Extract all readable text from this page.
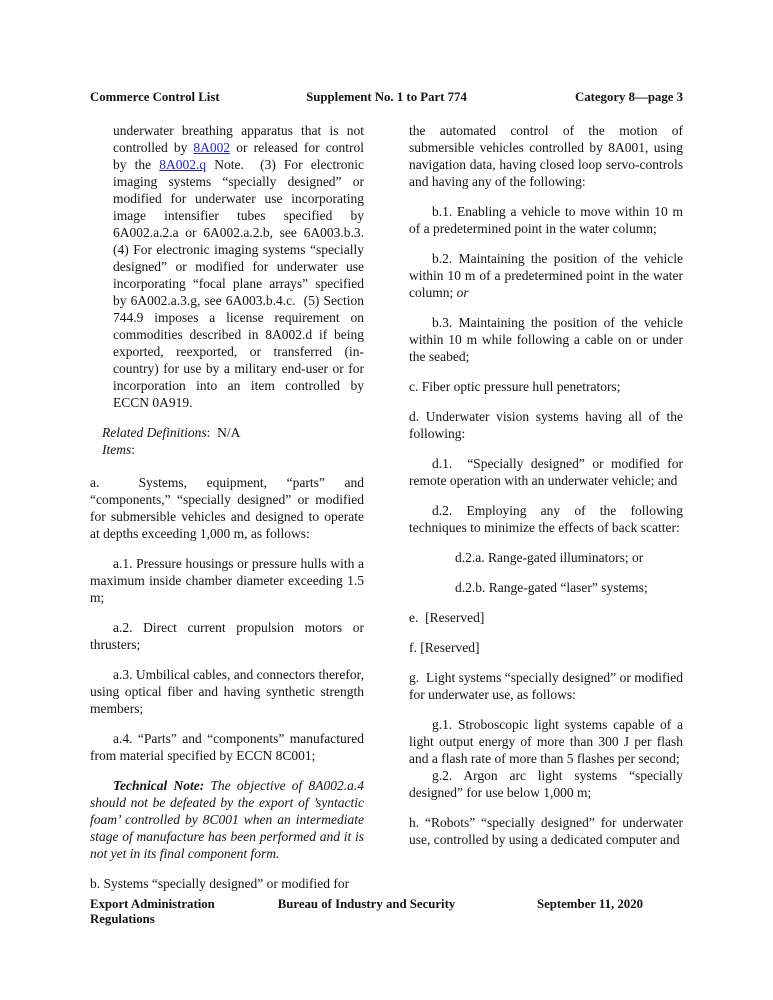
Commerce Control List	Supplement No. 1 to Part 774	Category 8—page 3

underwater breathing apparatus that is not controlled by 8A002 or released for control by the 8A002.q Note.  (3) For electronic imaging systems “specially designed” or modified for underwater use incorporating image intensifier tubes specified by 6A002.a.2.a or 6A002.a.2.b, see 6A003.b.3. (4) For electronic imaging systems “specially designed” or modified for underwater use incorporating “focal plane arrays” specified by 6A002.a.3.g, see 6A003.b.4.c.  (5) Section 744.9 imposes a license requirement on commodities described in 8A002.d if being exported, reexported, or transferred (in-country) for use by a military end-user or for incorporation into an item controlled by ECCN 0A919.

Related Definitions:  N/A

Items:

a.  Systems, equipment, “parts” and “components,” “specially designed” or modified for submersible vehicles and designed to operate at depths exceeding 1,000 m, as follows:

a.1. Pressure housings or pressure hulls with a maximum inside chamber diameter exceeding 1.5 m;

a.2. Direct current propulsion motors or thrusters;

a.3. Umbilical cables, and connectors therefor, using optical fiber and having synthetic strength members;

a.4. “Parts” and “components” manufactured from material specified by ECCN 8C001;

Technical Note: The objective of 8A002.a.4 should not be defeated by the export of ’syntactic foam’ controlled by 8C001 when an intermediate stage of manufacture has been performed and it is not yet in its final component form.

b. Systems “specially designed” or modified for

the automated control of the motion of submersible vehicles controlled by 8A001, using navigation data, having closed loop servo-controls and having any of the following:

b.1. Enabling a vehicle to move within 10 m of a predetermined point in the water column;

b.2. Maintaining the position of the vehicle within 10 m of a predetermined point in the water column; or

b.3. Maintaining the position of the vehicle within 10 m while following a cable on or under the seabed;

c. Fiber optic pressure hull penetrators;

d. Underwater vision systems having all of the following:

d.1.  “Specially designed” or modified for remote operation with an underwater vehicle; and

d.2. Employing any of the following techniques to minimize the effects of back scatter:

d.2.a. Range-gated illuminators; or

d.2.b. Range-gated “laser” systems;

e.  [Reserved]

f. [Reserved]

g.  Light systems “specially designed” or modified for underwater use, as follows:

g.1. Stroboscopic light systems capable of a light output energy of more than 300 J per flash and a flash rate of more than 5 flashes per second;

g.2. Argon arc light systems “specially designed” for use below 1,000 m;

h. “Robots” “specially designed” for underwater use, controlled by using a dedicated computer and

Export Administration Regulations
Bureau of Industry and Security	September 11, 2020
